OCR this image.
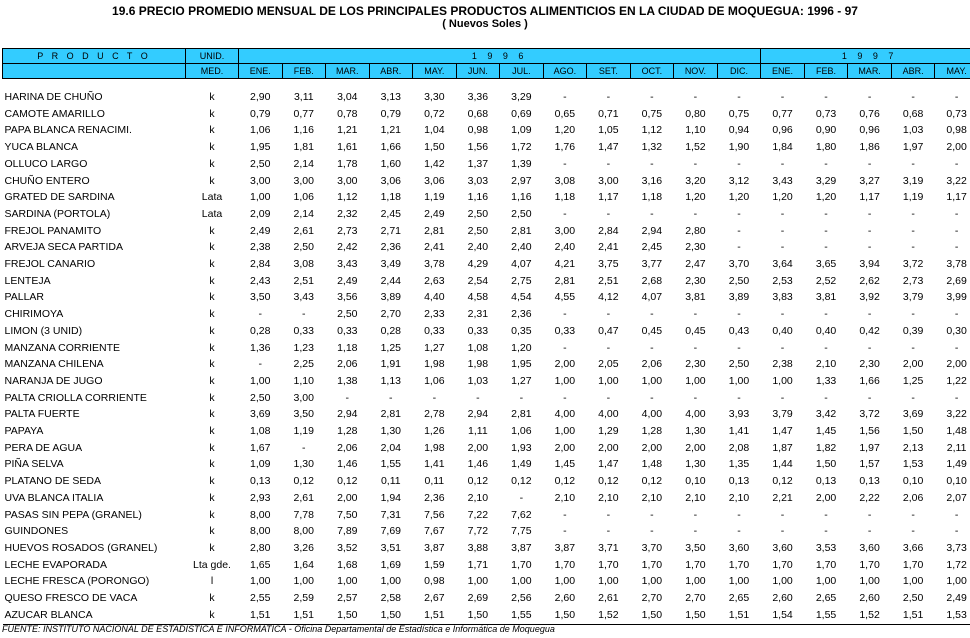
19.6 PRECIO PROMEDIO MENSUAL DE LOS PRINCIPALES PRODUCTOS ALIMENTICIOS EN LA CIUDAD DE MOQUEGUA: 1996 - 97
( Nuevos Soles )
P R O D U C T O	UNID.	1 9 9 6												1 9 9 7				
	MED.	ENE.	FEB.	MAR.	ABR.	MAY.	JUN.	JUL.	AGO.	SET.	OCT.	NOV.	DIC.	ENE.	FEB.	MAR.	ABR.	MAY.

HARINA DE CHUÑO	k	2,90	3,11	3,04	3,13	3,30	3,36	3,29	-	-	-	-	-	-	-	-	-	-
CAMOTE AMARILLO	k	0,79	0,77	0,78	0,79	0,72	0,68	0,69	0,65	0,71	0,75	0,80	0,75	0,77	0,73	0,76	0,68	0,73
PAPA BLANCA RENACIMI.	k	1,06	1,16	1,21	1,21	1,04	0,98	1,09	1,20	1,05	1,12	1,10	0,94	0,96	0,90	0,96	1,03	0,98
YUCA BLANCA	k	1,95	1,81	1,61	1,66	1,50	1,56	1,72	1,76	1,47	1,32	1,52	1,90	1,84	1,80	1,86	1,97	2,00
OLLUCO LARGO	k	2,50	2,14	1,78	1,60	1,42	1,37	1,39	-	-	-	-	-	-	-	-	-	-
CHUÑO ENTERO	k	3,00	3,00	3,00	3,06	3,06	3,03	2,97	3,08	3,00	3,16	3,20	3,12	3,43	3,29	3,27	3,19	3,22
GRATED DE SARDINA	Lata	1,00	1,06	1,12	1,18	1,19	1,16	1,16	1,18	1,17	1,18	1,20	1,20	1,20	1,20	1,17	1,19	1,17
SARDINA (PORTOLA)	Lata	2,09	2,14	2,32	2,45	2,49	2,50	2,50	-	-	-	-	-	-	-	-	-	-
FREJOL PANAMITO	k	2,49	2,61	2,73	2,71	2,81	2,50	2,81	3,00	2,84	2,94	2,80	-	-	-	-	-	-
ARVEJA SECA PARTIDA	k	2,38	2,50	2,42	2,36	2,41	2,40	2,40	2,40	2,41	2,45	2,30	-	-	-	-	-	-
FREJOL CANARIO	k	2,84	3,08	3,43	3,49	3,78	4,29	4,07	4,21	3,75	3,77	2,47	3,70	3,64	3,65	3,94	3,72	3,78
LENTEJA	k	2,43	2,51	2,49	2,44	2,63	2,54	2,75	2,81	2,51	2,68	2,30	2,50	2,53	2,52	2,62	2,73	2,69
PALLAR	k	3,50	3,43	3,56	3,89	4,40	4,58	4,54	4,55	4,12	4,07	3,81	3,89	3,83	3,81	3,92	3,79	3,99
CHIRIMOYA	k	-	-	2,50	2,70	2,33	2,31	2,36	-	-	-	-	-	-	-	-	-	-
LIMON (3 UNID)	k	0,28	0,33	0,33	0,28	0,33	0,33	0,35	0,33	0,47	0,45	0,45	0,43	0,40	0,40	0,42	0,39	0,30
MANZANA CORRIENTE	k	1,36	1,23	1,18	1,25	1,27	1,08	1,20	-	-	-	-	-	-	-	-	-	-
MANZANA CHILENA	k	-	2,25	2,06	1,91	1,98	1,98	1,95	2,00	2,05	2,06	2,30	2,50	2,38	2,10	2,30	2,00	2,00
NARANJA DE JUGO	k	1,00	1,10	1,38	1,13	1,06	1,03	1,27	1,00	1,00	1,00	1,00	1,00	1,00	1,33	1,66	1,25	1,22
PALTA CRIOLLA CORRIENTE	k	2,50	3,00	-	-	-	-	-	-	-	-	-	-	-	-	-	-	-
PALTA FUERTE	k	3,69	3,50	2,94	2,81	2,78	2,94	2,81	4,00	4,00	4,00	4,00	3,93	3,79	3,42	3,72	3,69	3,22
PAPAYA	k	1,08	1,19	1,28	1,30	1,26	1,11	1,06	1,00	1,29	1,28	1,30	1,41	1,47	1,45	1,56	1,50	1,48
PERA DE AGUA	k	1,67	-	2,06	2,04	1,98	2,00	1,93	2,00	2,00	2,00	2,00	2,08	1,87	1,82	1,97	2,13	2,11
PIÑA SELVA	k	1,09	1,30	1,46	1,55	1,41	1,46	1,49	1,45	1,47	1,48	1,30	1,35	1,44	1,50	1,57	1,53	1,49
PLATANO DE SEDA	k	0,13	0,12	0,12	0,11	0,11	0,12	0,12	0,12	0,12	0,12	0,10	0,13	0,12	0,13	0,13	0,10	0,10
UVA BLANCA ITALIA	k	2,93	2,61	2,00	1,94	2,36	2,10	-	2,10	2,10	2,10	2,10	2,10	2,21	2,00	2,22	2,06	2,07
PASAS SIN PEPA (GRANEL)	k	8,00	7,78	7,50	7,31	7,56	7,22	7,62	-	-	-	-	-	-	-	-	-	-
GUINDONES	k	8,00	8,00	7,89	7,69	7,67	7,72	7,75	-	-	-	-	-	-	-	-	-	-
HUEVOS ROSADOS (GRANEL)	k	2,80	3,26	3,52	3,51	3,87	3,88	3,87	3,87	3,71	3,70	3,50	3,60	3,60	3,53	3,60	3,66	3,73
LECHE EVAPORADA	Lta gde.	1,65	1,64	1,68	1,69	1,59	1,71	1,70	1,70	1,70	1,70	1,70	1,70	1,70	1,70	1,70	1,70	1,72
LECHE FRESCA (PORONGO)	l	1,00	1,00	1,00	1,00	0,98	1,00	1,00	1,00	1,00	1,00	1,00	1,00	1,00	1,00	1,00	1,00	1,00
QUESO FRESCO DE VACA	k	2,55	2,59	2,57	2,58	2,67	2,69	2,56	2,60	2,61	2,70	2,70	2,65	2,60	2,65	2,60	2,50	2,49
AZUCAR BLANCA	k	1,51	1,51	1,50	1,50	1,51	1,50	1,55	1,50	1,52	1,50	1,50	1,51	1,54	1,55	1,52	1,51	1,53
FUENTE: INSTITUTO NACIONAL DE ESTADISTICA E INFORMATICA - Oficina Departamental de Estadística e Informática de Moquegua
